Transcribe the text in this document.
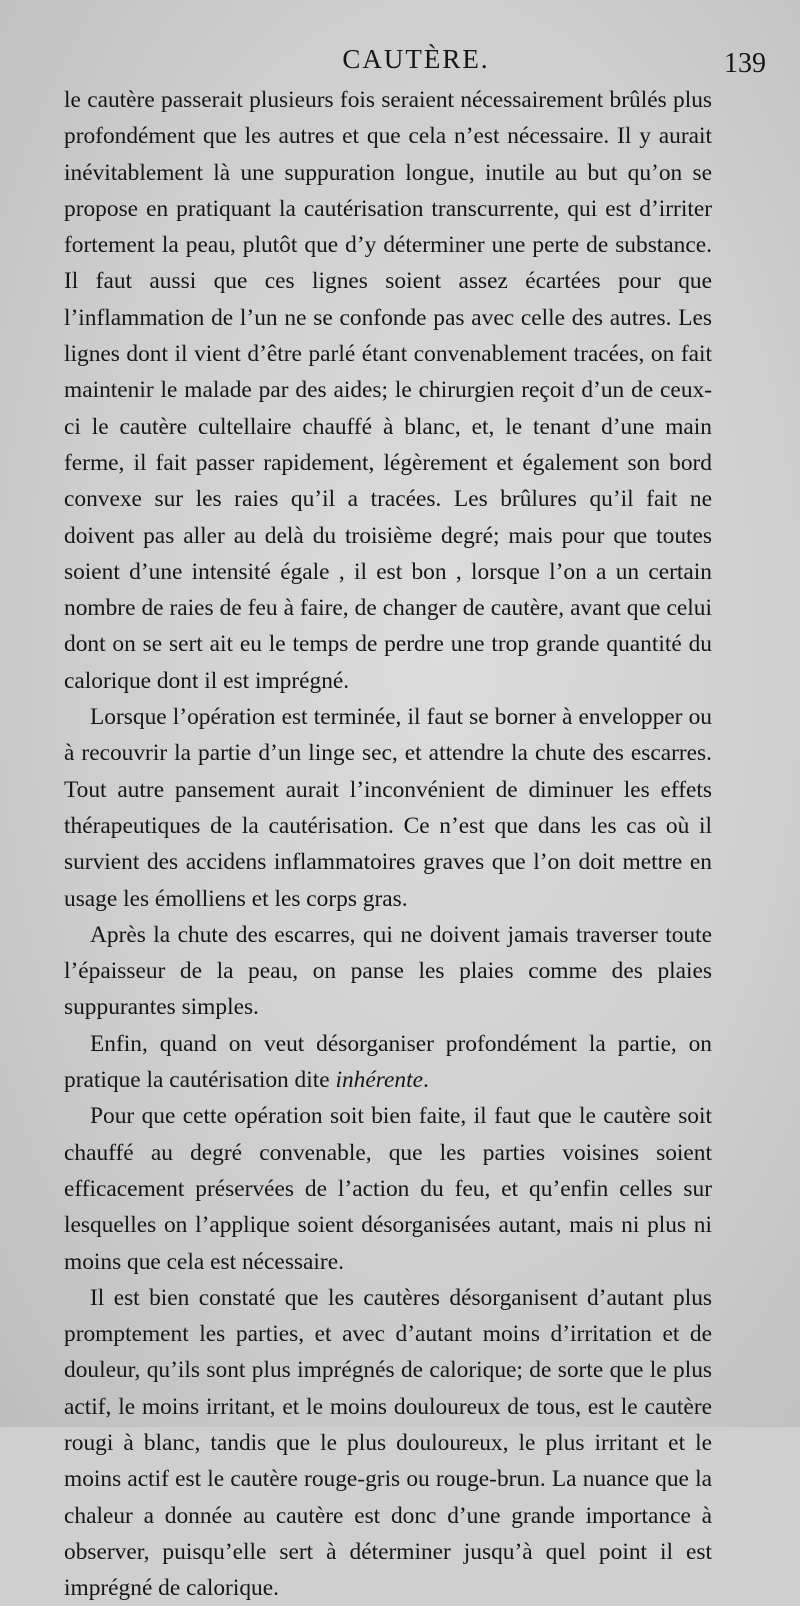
CAUTÈRE.	139

le cautère passerait plusieurs fois seraient nécessairement brûlés plus profondément que les autres et que cela n’est nécessaire. Il y aurait inévitablement là une suppuration longue, inutile au but qu’on se propose en pratiquant la cautérisation transcurrente, qui est d’irriter fortement la peau, plutôt que d’y déterminer une perte de substance. Il faut aussi que ces lignes soient assez écartées pour que l’inflammation de l’un ne se confonde pas avec celle des autres. Les lignes dont il vient d’être parlé étant convenablement tracées, on fait maintenir le malade par des aides; le chirurgien reçoit d’un de ceux-ci le cautère cultellaire chauffé à blanc, et, le tenant d’une main ferme, il fait passer rapidement, légèrement et également son bord convexe sur les raies qu’il a tracées. Les brûlures qu’il fait ne doivent pas aller au delà du troisième degré; mais pour que toutes soient d’une intensité égale , il est bon , lorsque l’on a un certain nombre de raies de feu à faire, de changer de cautère, avant que celui dont on se sert ait eu le temps de perdre une trop grande quantité du calorique dont il est imprégné.

Lorsque l’opération est terminée, il faut se borner à envelopper ou à recouvrir la partie d’un linge sec, et attendre la chute des escarres. Tout autre pansement aurait l’inconvénient de diminuer les effets thérapeutiques de la cautérisation. Ce n’est que dans les cas où il survient des accidens inflammatoires graves que l’on doit mettre en usage les émolliens et les corps gras.

Après la chute des escarres, qui ne doivent jamais traverser toute l’épaisseur de la peau, on panse les plaies comme des plaies suppurantes simples.

Enfin, quand on veut désorganiser profondément la partie, on pratique la cautérisation dite inhérente.

Pour que cette opération soit bien faite, il faut que le cautère soit chauffé au degré convenable, que les parties voisines soient efficacement préservées de l’action du feu, et qu’enfin celles sur lesquelles on l’applique soient désorganisées autant, mais ni plus ni moins que cela est nécessaire.

Il est bien constaté que les cautères désorganisent d’autant plus promptement les parties, et avec d’autant moins d’irritation et de douleur, qu’ils sont plus imprégnés de calorique; de sorte que le plus actif, le moins irritant, et le moins douloureux de tous, est le cautère rougi à blanc, tandis que le plus douloureux, le plus irritant et le moins actif est le cautère rouge-gris ou rouge-brun. La nuance que la chaleur a donnée au cautère est donc d’une grande importance à observer, puisqu’elle sert à déterminer jusqu’à quel point il est imprégné de calorique.
